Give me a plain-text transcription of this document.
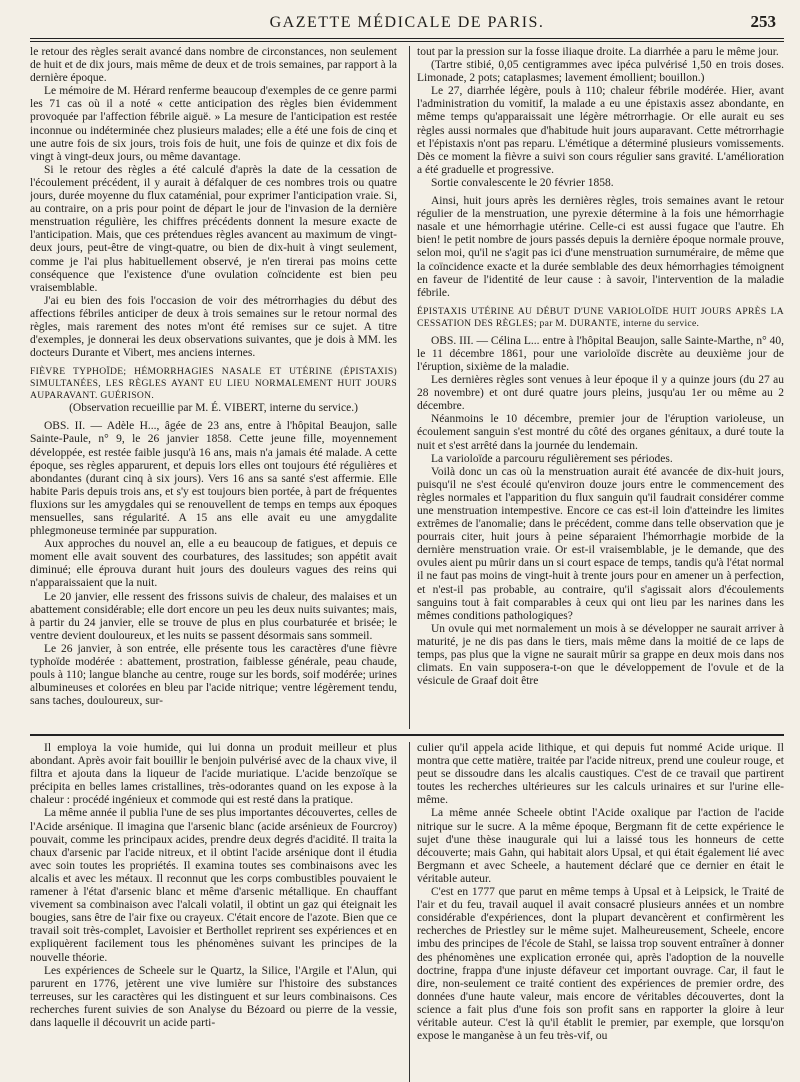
GAZETTE MÉDICALE DE PARIS.	253

le retour des règles serait avancé dans nombre de circonstances, non seulement de huit et de dix jours, mais même de deux et de trois semaines, par rapport à la dernière époque.

Le mémoire de M. Hérard renferme beaucoup d'exemples de ce genre parmi les 71 cas où il a noté « cette anticipation des règles bien évidemment provoquée par l'affection fébrile aiguë. » La mesure de l'anticipation est restée inconnue ou indéterminée chez plusieurs malades; elle a été une fois de cinq et une autre fois de six jours, trois fois de huit, une fois de quinze et dix fois de vingt à vingt-deux jours, ou même davantage.

Si le retour des règles a été calculé d'après la date de la cessation de l'écoulement précédent, il y aurait à défalquer de ces nombres trois ou quatre jours, durée moyenne du flux cataménial, pour exprimer l'anticipation vraie. Si, au contraire, on a pris pour point de départ le jour de l'invasion de la dernière menstruation régulière, les chiffres précédents donnent la mesure exacte de l'anticipation. Mais, que ces prétendues règles avancent au maximum de vingt-deux jours, peut-être de vingt-quatre, ou bien de dix-huit à vingt seulement, comme je l'ai plus habituellement observé, je n'en tirerai pas moins cette conséquence que l'existence d'une ovulation coïncidente est bien peu vraisemblable.

J'ai eu bien des fois l'occasion de voir des métrorrhagies du début des affections fébriles anticiper de deux à trois semaines sur le retour normal des règles, mais rarement des notes m'ont été remises sur ce sujet. A titre d'exemples, je donnerai les deux observations suivantes, que je dois à MM. les docteurs Durante et Vibert, mes anciens internes.

FIÈVRE TYPHOÏDE; HÉMORRHAGIES NASALE ET UTÉRINE (ÉPISTAXIS) SIMULTANÉES, LES RÈGLES AYANT EU LIEU NORMALEMENT HUIT JOURS AUPARAVANT. GUÉRISON.

(Observation recueillie par M. É. VIBERT, interne du service.)

OBS. II. — Adèle H..., âgée de 23 ans, entre à l'hôpital Beaujon, salle Sainte-Paule, n° 9, le 26 janvier 1858. Cette jeune fille, moyennement développée, est restée faible jusqu'à 16 ans, mais n'a jamais été malade. A cette époque, ses règles apparurent, et depuis lors elles ont toujours été régulières et abondantes (durant cinq à six jours). Vers 16 ans sa santé s'est affermie. Elle habite Paris depuis trois ans, et s'y est toujours bien portée, à part de fréquentes fluxions sur les amygdales qui se renouvellent de temps en temps aux époques mensuelles, sans régularité. A 15 ans elle avait eu une amygdalite phlegmoneuse terminée par suppuration.

Aux approches du nouvel an, elle a eu beaucoup de fatigues, et depuis ce moment elle avait souvent des courbatures, des lassitudes; son appétit avait diminué; elle éprouva durant huit jours des douleurs vagues des reins qui n'apparaissaient que la nuit.

Le 20 janvier, elle ressent des frissons suivis de chaleur, des malaises et un abattement considérable; elle dort encore un peu les deux nuits suivantes; mais, à partir du 24 janvier, elle se trouve de plus en plus courbaturée et brisée; le ventre devient douloureux, et les nuits se passent désormais sans sommeil.

Le 26 janvier, à son entrée, elle présente tous les caractères d'une fièvre typhoïde modérée : abattement, prostration, faiblesse générale, peau chaude, pouls à 110; langue blanche au centre, rouge sur les bords, soif modérée; urines albumineuses et colorées en bleu par l'acide nitrique; ventre légèrement tendu, sans taches, douloureux, sur-

tout par la pression sur la fosse iliaque droite. La diarrhée a paru le même jour.

(Tartre stibié, 0,05 centigrammes avec ipéca pulvérisé 1,50 en trois doses. Limonade, 2 pots; cataplasmes; lavement émollient; bouillon.)

Le 27, diarrhée légère, pouls à 110; chaleur fébrile modérée. Hier, avant l'administration du vomitif, la malade a eu une épistaxis assez abondante, en même temps qu'apparaissait une légère métrorrhagie. Or elle aurait eu ses règles aussi normales que d'habitude huit jours auparavant. Cette métrorrhagie et l'épistaxis n'ont pas reparu. L'émétique a déterminé plusieurs vomissements. Dès ce moment la fièvre a suivi son cours régulier sans gravité. L'amélioration a été graduelle et progressive.

Sortie convalescente le 20 février 1858.

Ainsi, huit jours après les dernières règles, trois semaines avant le retour régulier de la menstruation, une pyrexie détermine à la fois une hémorrhagie nasale et une hémorrhagie utérine. Celle-ci est aussi fugace que l'autre. Eh bien! le petit nombre de jours passés depuis la dernière époque normale prouve, selon moi, qu'il ne s'agit pas ici d'une menstruation surnuméraire, de même que la coïncidence exacte et la durée semblable des deux hémorrhagies témoignent en faveur de l'identité de leur cause : à savoir, l'intervention de la maladie fébrile.

ÉPISTAXIS UTÉRINE AU DÉBUT D'UNE VARIOLOÏDE HUIT JOURS APRÈS LA CESSATION DES RÈGLES; par M. DURANTE, interne du service.

OBS. III. — Célina L... entre à l'hôpital Beaujon, salle Sainte-Marthe, n° 40, le 11 décembre 1861, pour une varioloïde discrète au deuxième jour de l'éruption, sixième de la maladie.

Les dernières règles sont venues à leur époque il y a quinze jours (du 27 au 28 novembre) et ont duré quatre jours pleins, jusqu'au 1er ou même au 2 décembre.

Néanmoins le 10 décembre, premier jour de l'éruption varioleuse, un écoulement sanguin s'est montré du côté des organes génitaux, a duré toute la nuit et s'est arrêté dans la journée du lendemain.

La varioloïde a parcouru régulièrement ses périodes.

Voilà donc un cas où la menstruation aurait été avancée de dix-huit jours, puisqu'il ne s'est écoulé qu'environ douze jours entre le commencement des règles normales et l'apparition du flux sanguin qu'il faudrait considérer comme une menstruation intempestive. Encore ce cas est-il loin d'atteindre les limites extrêmes de l'anomalie; dans le précédent, comme dans telle observation que je pourrais citer, huit jours à peine séparaient l'hémorrhagie morbide de la dernière menstruation vraie. Or est-il vraisemblable, je le demande, que des ovules aient pu mûrir dans un si court espace de temps, tandis qu'à l'état normal il ne faut pas moins de vingt-huit à trente jours pour en amener un à perfection, et n'est-il pas probable, au contraire, qu'il s'agissait alors d'écoulements sanguins tout à fait comparables à ceux qui ont lieu par les narines dans les mêmes conditions pathologiques?

Un ovule qui met normalement un mois à se développer ne saurait arriver à maturité, je ne dis pas dans le tiers, mais même dans la moitié de ce laps de temps, pas plus que la vigne ne saurait mûrir sa grappe en deux mois dans nos climats. En vain supposera-t-on que le développement de l'ovule et de la vésicule de Graaf doit être

Il employa la voie humide, qui lui donna un produit meilleur et plus abondant. Après avoir fait bouillir le benjoin pulvérisé avec de la chaux vive, il filtra et ajouta dans la liqueur de l'acide muriatique. L'acide benzoïque se précipita en belles lames cristallines, très-odorantes quand on les expose à la chaleur : procédé ingénieux et commode qui est resté dans la pratique.

La même année il publia l'une de ses plus importantes découvertes, celles de l'Acide arsénique. Il imagina que l'arsenic blanc (acide arsénieux de Fourcroy) pouvait, comme les principaux acides, prendre deux degrés d'acidité. Il traita la chaux d'arsenic par l'acide nitreux, et il obtint l'acide arsénique dont il étudia avec soin toutes les propriétés. Il examina toutes ses combinaisons avec les alcalis et avec les métaux. Il reconnut que les corps combustibles pouvaient le ramener à l'état d'arsenic blanc et même d'arsenic métallique. En chauffant vivement sa combinaison avec l'alcali volatil, il obtint un gaz qui éteignait les bougies, sans être de l'air fixe ou crayeux. C'était encore de l'azote. Bien que ce travail soit très-complet, Lavoisier et Berthollet reprirent ses expériences et en expliquèrent facilement tous les phénomènes suivant les principes de la nouvelle théorie.

Les expériences de Scheele sur le Quartz, la Silice, l'Argile et l'Alun, qui parurent en 1776, jetèrent une vive lumière sur l'histoire des substances terreuses, sur les caractères qui les distinguent et sur leurs combinaisons. Ces recherches furent suivies de son Analyse du Bézoard ou pierre de la vessie, dans laquelle il découvrit un acide parti-

culier qu'il appela acide lithique, et qui depuis fut nommé Acide urique. Il montra que cette matière, traitée par l'acide nitreux, prend une couleur rouge, et peut se dissoudre dans les alcalis caustiques. C'est de ce travail que partirent toutes les recherches ultérieures sur les calculs urinaires et sur l'urine elle-même.

La même année Scheele obtint l'Acide oxalique par l'action de l'acide nitrique sur le sucre. A la même époque, Bergmann fit de cette expérience le sujet d'une thèse inaugurale qui lui a laissé tous les honneurs de cette découverte; mais Gahn, qui habitait alors Upsal, et qui était également lié avec Bergmann et avec Scheele, a hautement déclaré que ce dernier en était le véritable auteur.

C'est en 1777 que parut en même temps à Upsal et à Leipsick, le Traité de l'air et du feu, travail auquel il avait consacré plusieurs années et un nombre considérable d'expériences, dont la plupart devancèrent et confirmèrent les recherches de Priestley sur le même sujet. Malheureusement, Scheele, encore imbu des principes de l'école de Stahl, se laissa trop souvent entraîner à donner des phénomènes une explication erronée qui, après l'adoption de la nouvelle doctrine, frappa d'une injuste défaveur cet important ouvrage. Car, il faut le dire, non-seulement ce traité contient des expériences de premier ordre, des données d'une haute valeur, mais encore de véritables découvertes, dont la science a fait plus d'une fois son profit sans en rapporter la gloire à leur véritable auteur. C'est là qu'il établit le premier, par exemple, que lorsqu'on expose le manganèse à un feu très-vif, ou
